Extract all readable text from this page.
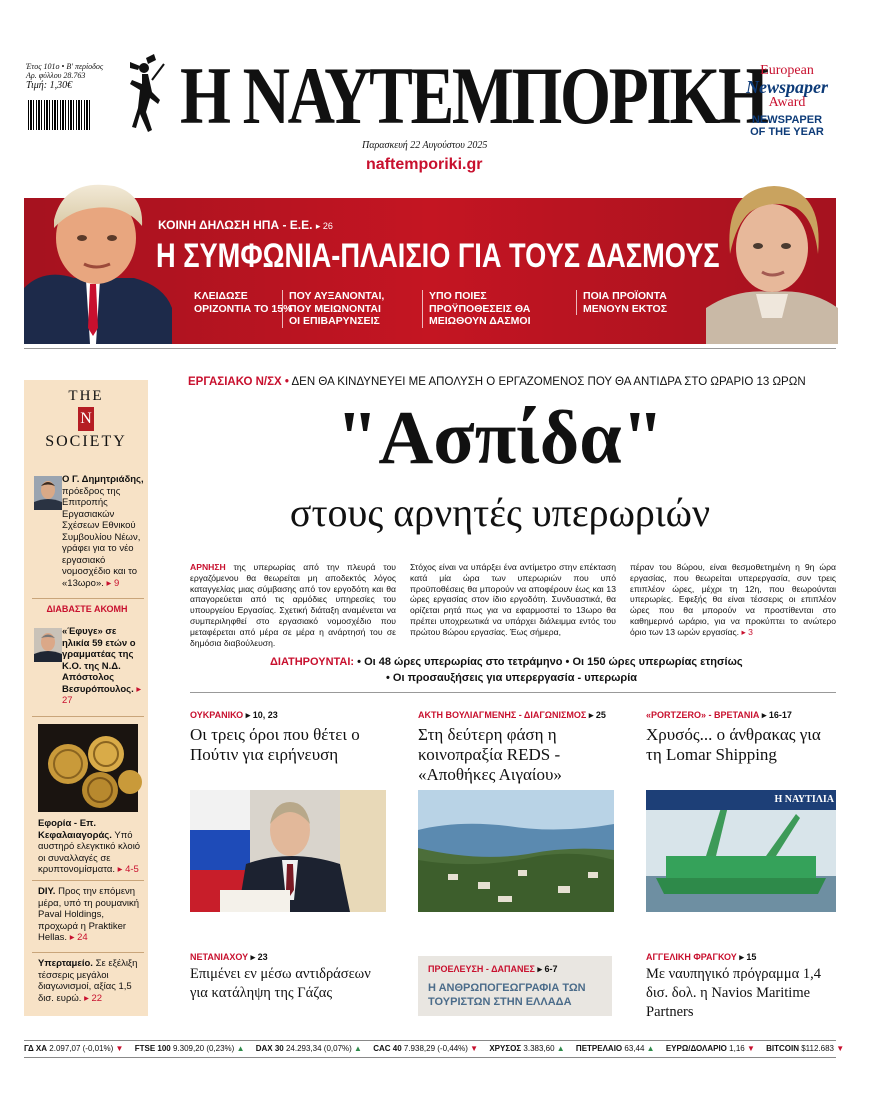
Έτος 101ο • Β' περίοδος
Αρ. φύλλου 28.763
Τιμή: 1,30€	Η ΝΑΥΤΕΜΠΟΡΙΚΗ
Παρασκευή 22 Αυγούστου 2025
naftemporiki.gr
European
Newspaper
Award
NEWSPAPER
OF THE YEAR
ΚΟΙΝΗ ΔΗΛΩΣΗ ΗΠΑ - Ε.Ε. ▸ 26
Η ΣΥΜΦΩΝΙΑ-ΠΛΑΙΣΙΟ ΓΙΑ ΤΟΥΣ ΔΑΣΜΟΥΣ
ΚΛΕΙΔΩΣΕ ΟΡΙΖΟΝΤΙΑ ΤΟ 15%
ΠΟΥ ΑΥΞΑΝΟΝΤΑΙ, ΠΟΥ ΜΕΙΩΝΟΝΤΑΙ ΟΙ ΕΠΙΒΑΡΥΝΣΕΙΣ
ΥΠΟ ΠΟΙΕΣ ΠΡΟΫΠΟΘΕΣΕΙΣ ΘΑ ΜΕΙΩΘΟΥΝ ΔΑΣΜΟΙ
ΠΟΙΑ ΠΡΟΪΟΝΤΑ ΜΕΝΟΥΝ ΕΚΤΟΣ
THE
N
SOCIETY
Ο Γ. Δημητριάδης, πρόεδρος της Επιτροπής Εργασιακών Σχέσεων Εθνικού Συμβουλίου Νέων, γράφει για το νέο εργασιακό νομοσχέδιο και το «13ωρο». ▸ 9
ΔΙΑΒΑΣΤΕ ΑΚΟΜΗ
«Έφυγε» σε ηλικία 59 ετών ο γραμματέας της Κ.Ο. της Ν.Δ. Απόστολος Βεσυρόπουλος. ▸ 27
Εφορία - Επ. Κεφαλαιαγοράς. Υπό αυστηρό ελεγκτικό κλοιό οι συναλλαγές σε κρυπτονομίσματα. ▸ 4-5
DIY. Προς την επόμενη μέρα, υπό τη ρουμανική Paval Holdings, προχωρά η Praktiker Hellas. ▸ 24
Υπερταμείο. Σε εξέλιξη τέσσερις μεγάλοι διαγωνισμοί, αξίας 1,5 δισ. ευρώ. ▸ 22
ΕΡΓΑΣΙΑΚΟ Ν/ΣΧ • ΔΕΝ ΘΑ ΚΙΝΔΥΝΕΥΕΙ ΜΕ ΑΠΟΛΥΣΗ Ο ΕΡΓΑΖΟΜΕΝΟΣ ΠΟΥ ΘΑ ΑΝΤΙΔΡΑ ΣΤΟ ΩΡΑΡΙΟ 13 ΩΡΩΝ
"Ασπίδα"
στους αρνητές υπερωριών
ΑΡΝΗΣΗ της υπερωρίας από την πλευρά του εργαζόμενου θα θεωρείται μη αποδεκτός λόγος καταγγελίας μιας σύμβασης από τον εργοδότη και θα απαγορεύεται από τις αρμόδιες υπηρεσίες του υπουργείου Εργασίας. Σχετική διάταξη αναμένεται να συμπεριληφθεί στο εργασιακό νομοσχέδιο που μεταφέρεται από μέρα σε μέρα η ανάρτησή του σε δημόσια διαβούλευση.
Στόχος είναι να υπάρξει ένα αντίμετρο στην επέκταση κατά μία ώρα των υπερωριών που υπό προϋποθέσεις θα μπορούν να αποφέρουν έως και 13 ώρες εργασίας στον ίδιο εργοδότη. Συνδυαστικά, θα ορίζεται ρητά πως για να εφαρμοστεί το 13ωρο θα πρέπει υποχρεωτικά να υπάρχει διάλειμμα εντός του πρώτου 8ώρου εργασίας. Έως σήμερα,
πέραν του 8ώρου, είναι θεσμοθετημένη η 9η ώρα εργασίας, που θεωρείται υπερεργασία, συν τρεις επιπλέον ώρες, μέχρι τη 12η, που θεωρούνται υπερωρίες. Εφεξής θα είναι τέσσερις οι επιπλέον ώρες που θα μπορούν να προστίθενται στο καθημερινό ωράριο, για να προκύπτει το ανώτερο όριο των 13 ωρών εργασίας. ▸ 3
ΔΙΑΤΗΡΟΥΝΤΑΙ: • Οι 48 ώρες υπερωρίας στο τετράμηνο • Οι 150 ώρες υπερωρίας ετησίως
• Οι προσαυξήσεις για υπερεργασία - υπερωρία
ΟΥΚΡΑΝΙΚΟ ▸ 10, 23
Οι τρεις όροι που θέτει ο Πούτιν για ειρήνευση
ΑΚΤΗ ΒΟΥΛΙΑΓΜΕΝΗΣ - ΔΙΑΓΩΝΙΣΜΟΣ ▸ 25
Στη δεύτερη φάση η κοινοπραξία REDS - «Αποθήκες Αιγαίου»
«PORTZERO» - ΒΡΕΤΑΝΙΑ ▸ 16-17
Χρυσός... ο άνθρακας για τη Lomar Shipping
Η ΝΑΥΤΙΛΙΑ
ΝΕΤΑΝΙΑΧΟΥ ▸ 23
Επιμένει εν μέσω αντιδράσεων για κατάληψη της Γάζας
ΠΡΟΕΛΕΥΣΗ - ΔΑΠΑΝΕΣ ▸ 6-7
Η ΑΝΘΡΩΠΟΓΕΩΓΡΑΦΙΑ ΤΩΝ ΤΟΥΡΙΣΤΩΝ ΣΤΗΝ ΕΛΛΑΔΑ
ΑΓΓΕΛΙΚΗ ΦΡΑΓΚΟΥ ▸ 15
Με ναυπηγικό πρόγραμμα 1,4 δισ. δολ. η Navios Maritime Partners
ΓΔ ΧΑ 2.097,07 (-0,01%) ▼ FTSE 100 9.309,20 (0,23%) ▲ DAX 30 24.293,34 (0,07%) ▲ CAC 40 7.938,29 (-0,44%) ▼ ΧΡΥΣΟΣ 3.383,60 ▲ ΠΕΤΡΕΛΑΙΟ 63,44 ▲ ΕΥΡΩ/ΔΟΛΑΡΙΟ 1,16 ▼ BITCOIN $112.683 ▼
